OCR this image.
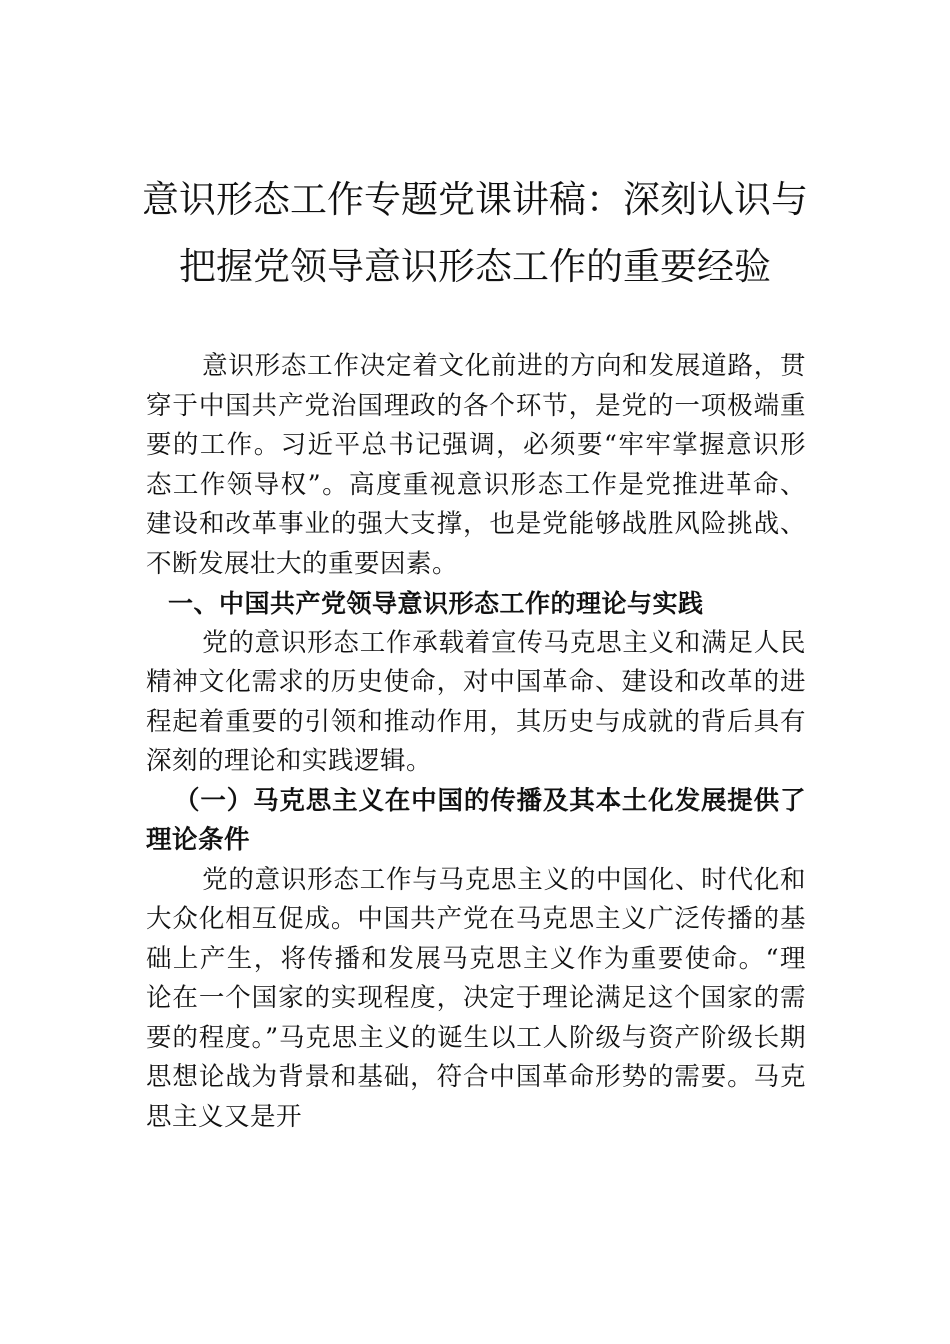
意识形态工作专题党课讲稿：深刻认识与
把握党领导意识形态工作的重要经验

意识形态工作决定着文化前进的方向和发展道路，贯穿于中国共产党治国理政的各个环节，是党的一项极端重要的工作。习近平总书记强调，必须要“牢牢掌握意识形态工作领导权”。高度重视意识形态工作是党推进革命、建设和改革事业的强大支撑，也是党能够战胜风险挑战、不断发展壮大的重要因素。

一、中国共产党领导意识形态工作的理论与实践

党的意识形态工作承载着宣传马克思主义和满足人民精神文化需求的历史使命，对中国革命、建设和改革的进程起着重要的引领和推动作用，其历史与成就的背后具有深刻的理论和实践逻辑。

（一）马克思主义在中国的传播及其本土化发展提供了理论条件

党的意识形态工作与马克思主义的中国化、时代化和大众化相互促成。中国共产党在马克思主义广泛传播的基础上产生，将传播和发展马克思主义作为重要使命。“理论在一个国家的实现程度，决定于理论满足这个国家的需要的程度。”马克思主义的诞生以工人阶级与资产阶级长期思想论战为背景和基础，符合中国革命形势的需要。马克思主义又是开
